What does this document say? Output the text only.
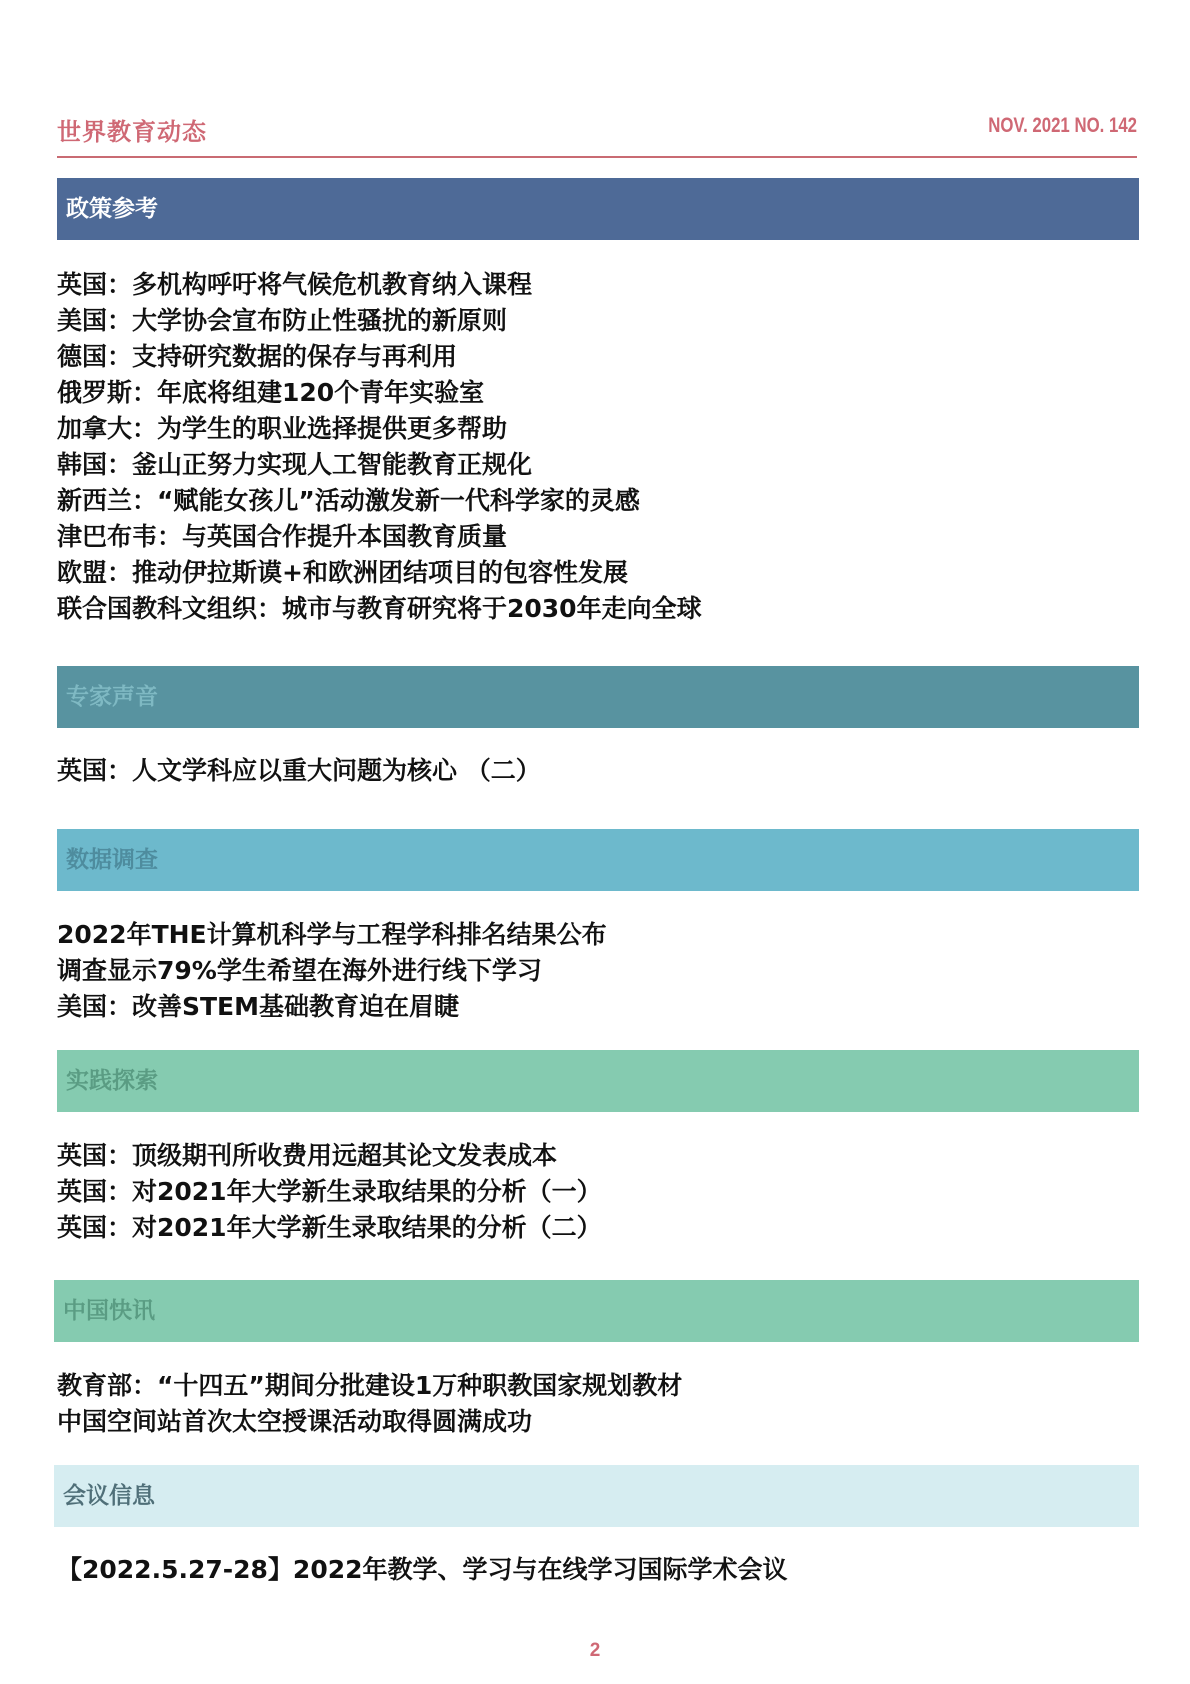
世界教育动态	NOV. 2021 NO. 142
政策参考
英国：多机构呼吁将气候危机教育纳入课程
美国：大学协会宣布防止性骚扰的新原则
德国：支持研究数据的保存与再利用
俄罗斯：年底将组建120个青年实验室
加拿大：为学生的职业选择提供更多帮助
韩国：釜山正努力实现人工智能教育正规化
新西兰：“赋能女孩儿”活动激发新一代科学家的灵感
津巴布韦：与英国合作提升本国教育质量
欧盟：推动伊拉斯谟+和欧洲团结项目的包容性发展
联合国教科文组织：城市与教育研究将于2030年走向全球
专家声音
英国：人文学科应以重大问题为核心 （二）
数据调查
2022年THE计算机科学与工程学科排名结果公布
调查显示79%学生希望在海外进行线下学习
美国：改善STEM基础教育迫在眉睫
实践探索
英国：顶级期刊所收费用远超其论文发表成本
英国：对2021年大学新生录取结果的分析（一）
英国：对2021年大学新生录取结果的分析（二）
中国快讯
教育部：“十四五”期间分批建设1万种职教国家规划教材
中国空间站首次太空授课活动取得圆满成功
会议信息
【2022.5.27-28】2022年教学、学习与在线学习国际学术会议
2
